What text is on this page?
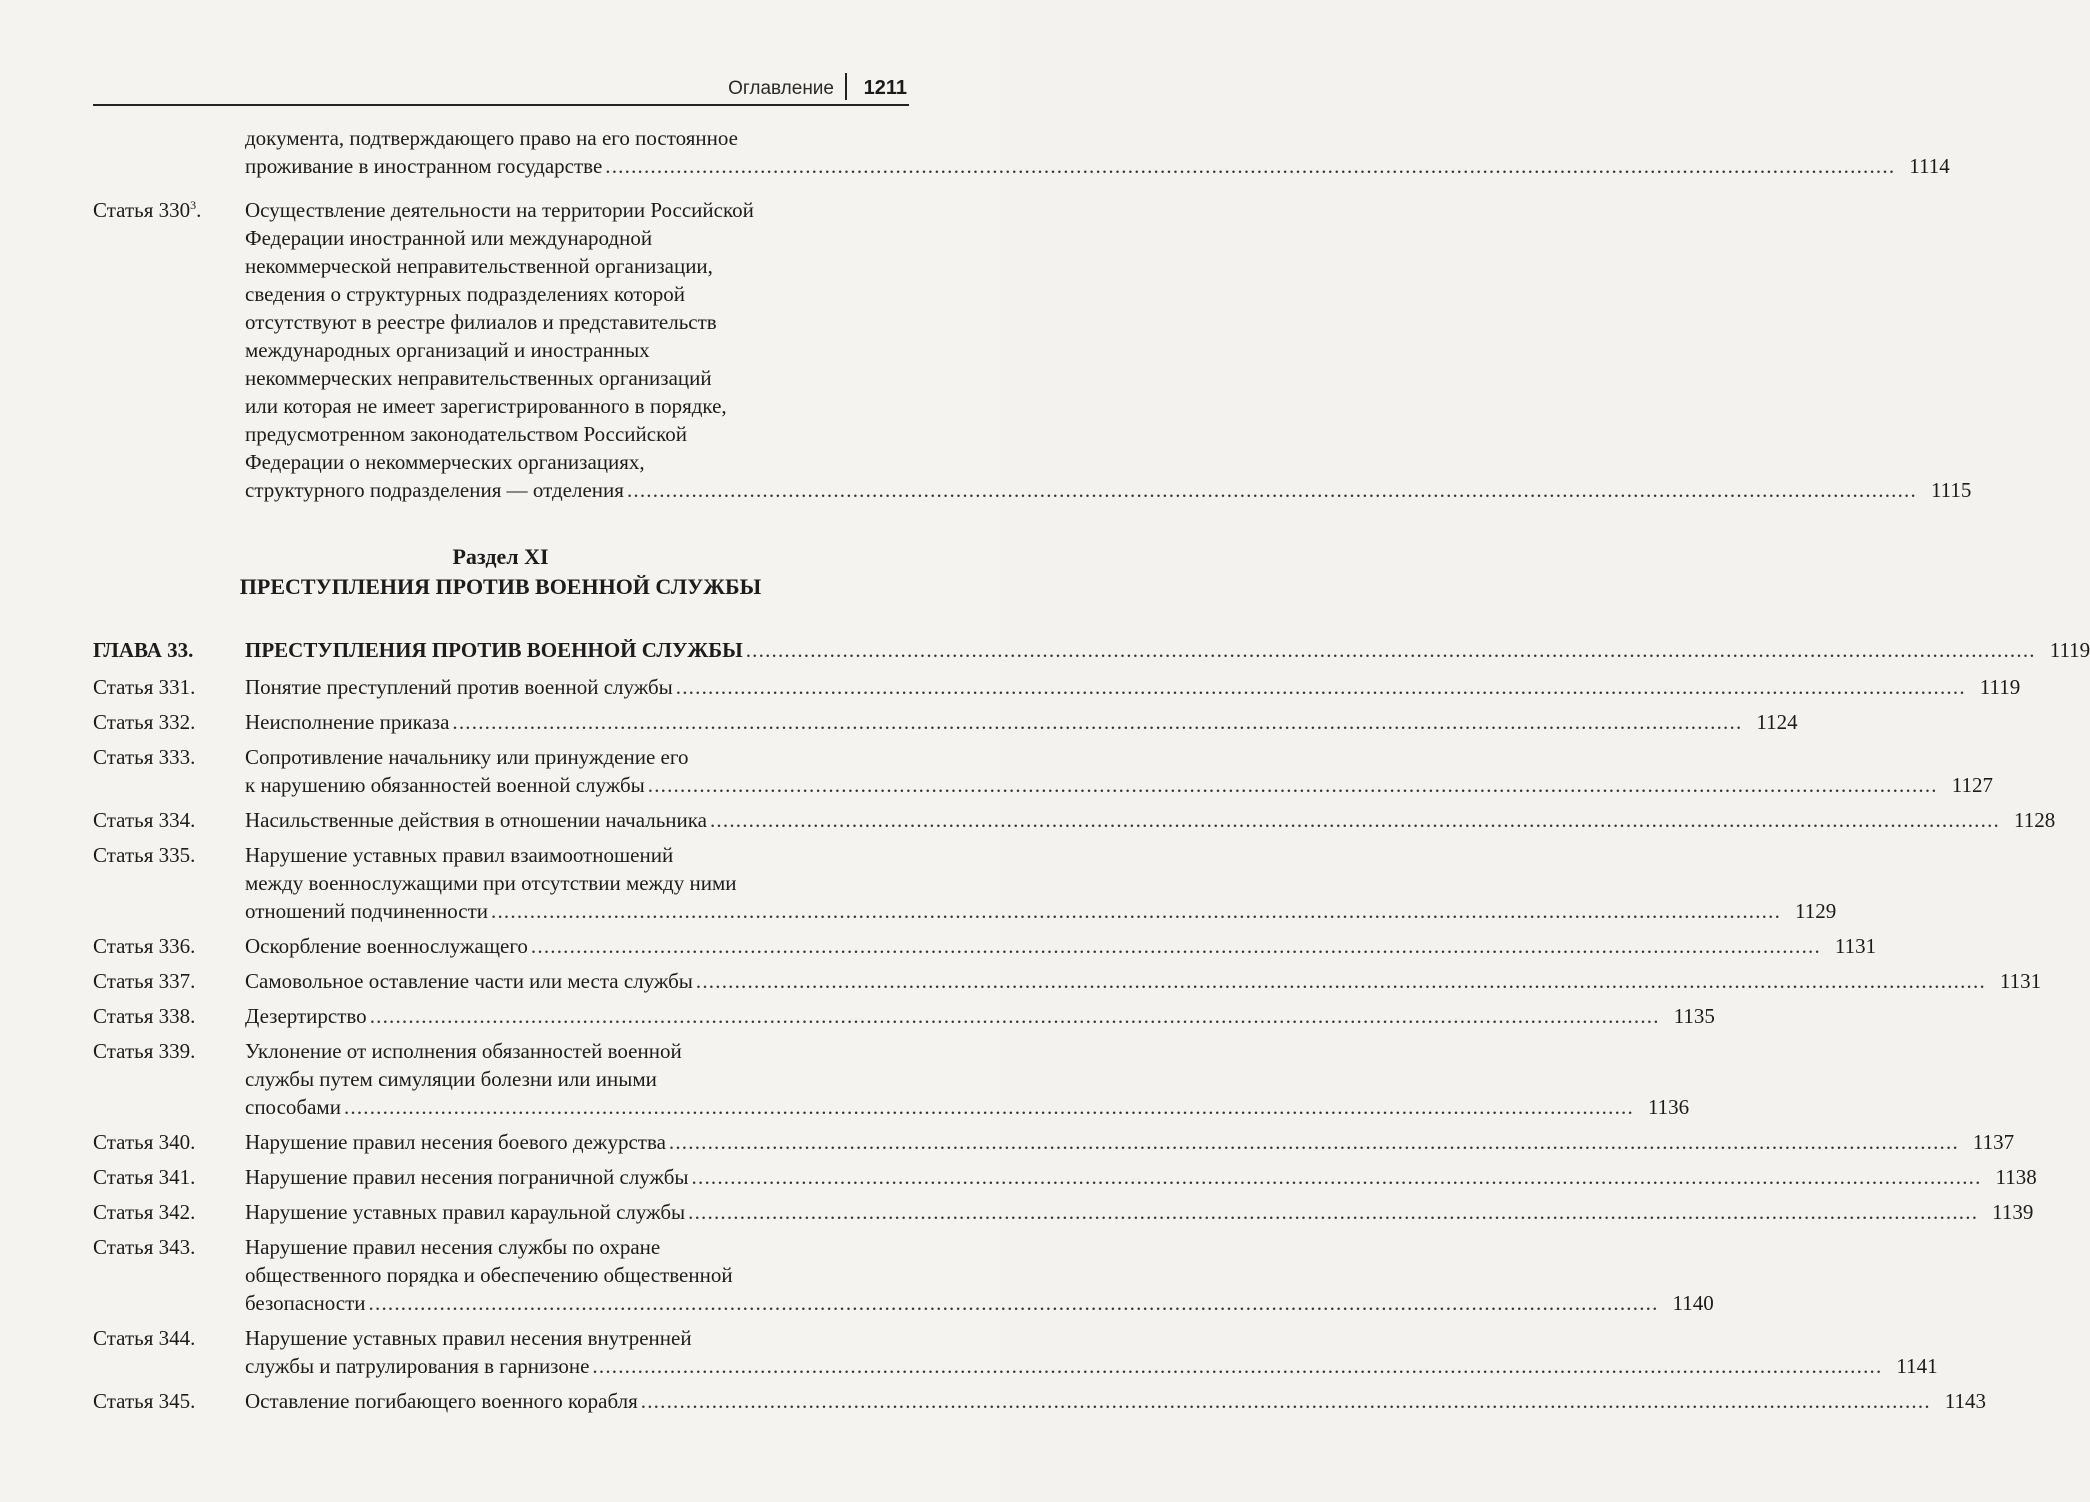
Оглавление 1211
документа, подтверждающего право на его постоянное
проживание в иностранном государстве ........................................................................................................................................................................................................ 1114
Статья $330^3$.	Осуществление деятельности на территории Российской
Федерации иностранной или международной
некоммерческой неправительственной организации,
сведения о структурных подразделениях которой
отсутствуют в реестре филиалов и представительств
международных организаций и иностранных
некоммерческих неправительственных организаций
или которая не имеет зарегистрированного в порядке,
предусмотренном законодательством Российской
Федерации о некоммерческих организациях,
структурного подразделения — отделения ........................................................................................................................................................................................................ 1115
Раздел XI
ПРЕСТУПЛЕНИЯ ПРОТИВ ВОЕННОЙ СЛУЖБЫ
ГЛАВА 33.	ПРЕСТУПЛЕНИЯ ПРОТИВ ВОЕННОЙ СЛУЖБЫ ........................................................................................................................................................................................................ 1119
Статья 331.	Понятие преступлений против военной службы ........................................................................................................................................................................................................ 1119
Статья 332.	Неисполнение приказа ........................................................................................................................................................................................................ 1124
Статья 333.	Сопротивление начальнику или принуждение его
к нарушению обязанностей военной службы ........................................................................................................................................................................................................ 1127
Статья 334.	Насильственные действия в отношении начальника ........................................................................................................................................................................................................ 1128
Статья 335.	Нарушение уставных правил взаимоотношений
между военнослужащими при отсутствии между ними
отношений подчиненности ........................................................................................................................................................................................................ 1129
Статья 336.	Оскорбление военнослужащего ........................................................................................................................................................................................................ 1131
Статья 337.	Самовольное оставление части или места службы ........................................................................................................................................................................................................ 1131
Статья 338.	Дезертирство ........................................................................................................................................................................................................ 1135
Статья 339.	Уклонение от исполнения обязанностей военной
службы путем симуляции болезни или иными
способами ........................................................................................................................................................................................................ 1136
Статья 340.	Нарушение правил несения боевого дежурства ........................................................................................................................................................................................................ 1137
Статья 341.	Нарушение правил несения пограничной службы ........................................................................................................................................................................................................ 1138
Статья 342.	Нарушение уставных правил караульной службы ........................................................................................................................................................................................................ 1139
Статья 343.	Нарушение правил несения службы по охране
общественного порядка и обеспечению общественной
безопасности ........................................................................................................................................................................................................ 1140
Статья 344.	Нарушение уставных правил несения внутренней
службы и патрулирования в гарнизоне ........................................................................................................................................................................................................ 1141
Статья 345.	Оставление погибающего военного корабля ........................................................................................................................................................................................................ 1143
